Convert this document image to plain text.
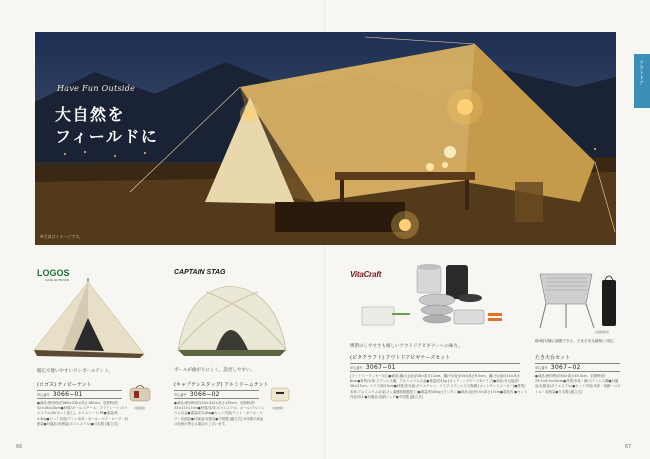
Have Fun Outside
大自然を
フィールドに
※写真はイメージです。
アウトドア
LOGOS
LOVE OUTDOOR
(収納時)
幅広で使いやすいワンポールテント。
(ロゴス) ティピーテント
申込番号 3066−01
●商品:使用時/約360×230×高さ180cm、収納時/約52×18×18cm●材質/ポール:スチール、フライシート:ポリエステル(UVカット加工)、ボトムシート:PE●重量/約4.4kg●セット内容/テント本体・ポール・ペグ・ロープ・収納袋●付属品:収納袋(ポリエステル)●日本製 [確立式]
CAPTAIN STAG
(収納時)
ポールが曲がりにくく、設営しやすい。
(キャプテンスタッグ) アルミドームテント
申込番号 3066−02
●商品:使用時/約210×320×高さ135cm、収納時/約53×17×17cm●材質/本体:ポリエステル、ポール:アルミニウム合金●重量/約3.8kg●セット内容/テント・ポール・ペグ・収納袋●付属品:収納袋●中国製 [確立式] ※実際の商品は色柄が異なる場合がございます。
VitaCraft
携帯のしやすさも嬉しいアウトドアビギナーへの味方。
(ビタクラフト) アウトドアビギナーズセット
申込番号 3067−01
[ファミリークッカー3点]●商品:鍋(大)/直径18×高さ11cm、鍋(中)/直径16×高さ9.5cm、鍋(小)/直径14×高さ8cm●材質/本体:ステンレス鋼、アルミニウム合金●重量/約1kg [カッティングボード&ナイフ]●商品:まな板/約26×17cm、ナイフ/約23cm●材質/まな板:ポリエチレン、ナイフ:ステンレス刃物鋼 [ホットサンドメーカー]●材質/本体:アルミニウム合金(フッ素樹脂塗膜加工)●重量/約450g [ランタン]●商品:直径9.5×高さ17cm●電池式 ●セット内容/各1 ●付属品:収納バッグ●中国製 [確立式]
(収納袋付)
鋳4倍付属に調節できる、さまざまな調理に対応。
たき火台セット
申込番号 3067−02
●商品:使用時/約50×高さ45.5cm、収納時/約29.5×8.5×45cm●材質/本体・網:ステンレス鋼●付属品:収納袋(ポリエステル)●セット内容/本体・焼網・ロストル・収納袋●日本製 [確立式]
66	67
